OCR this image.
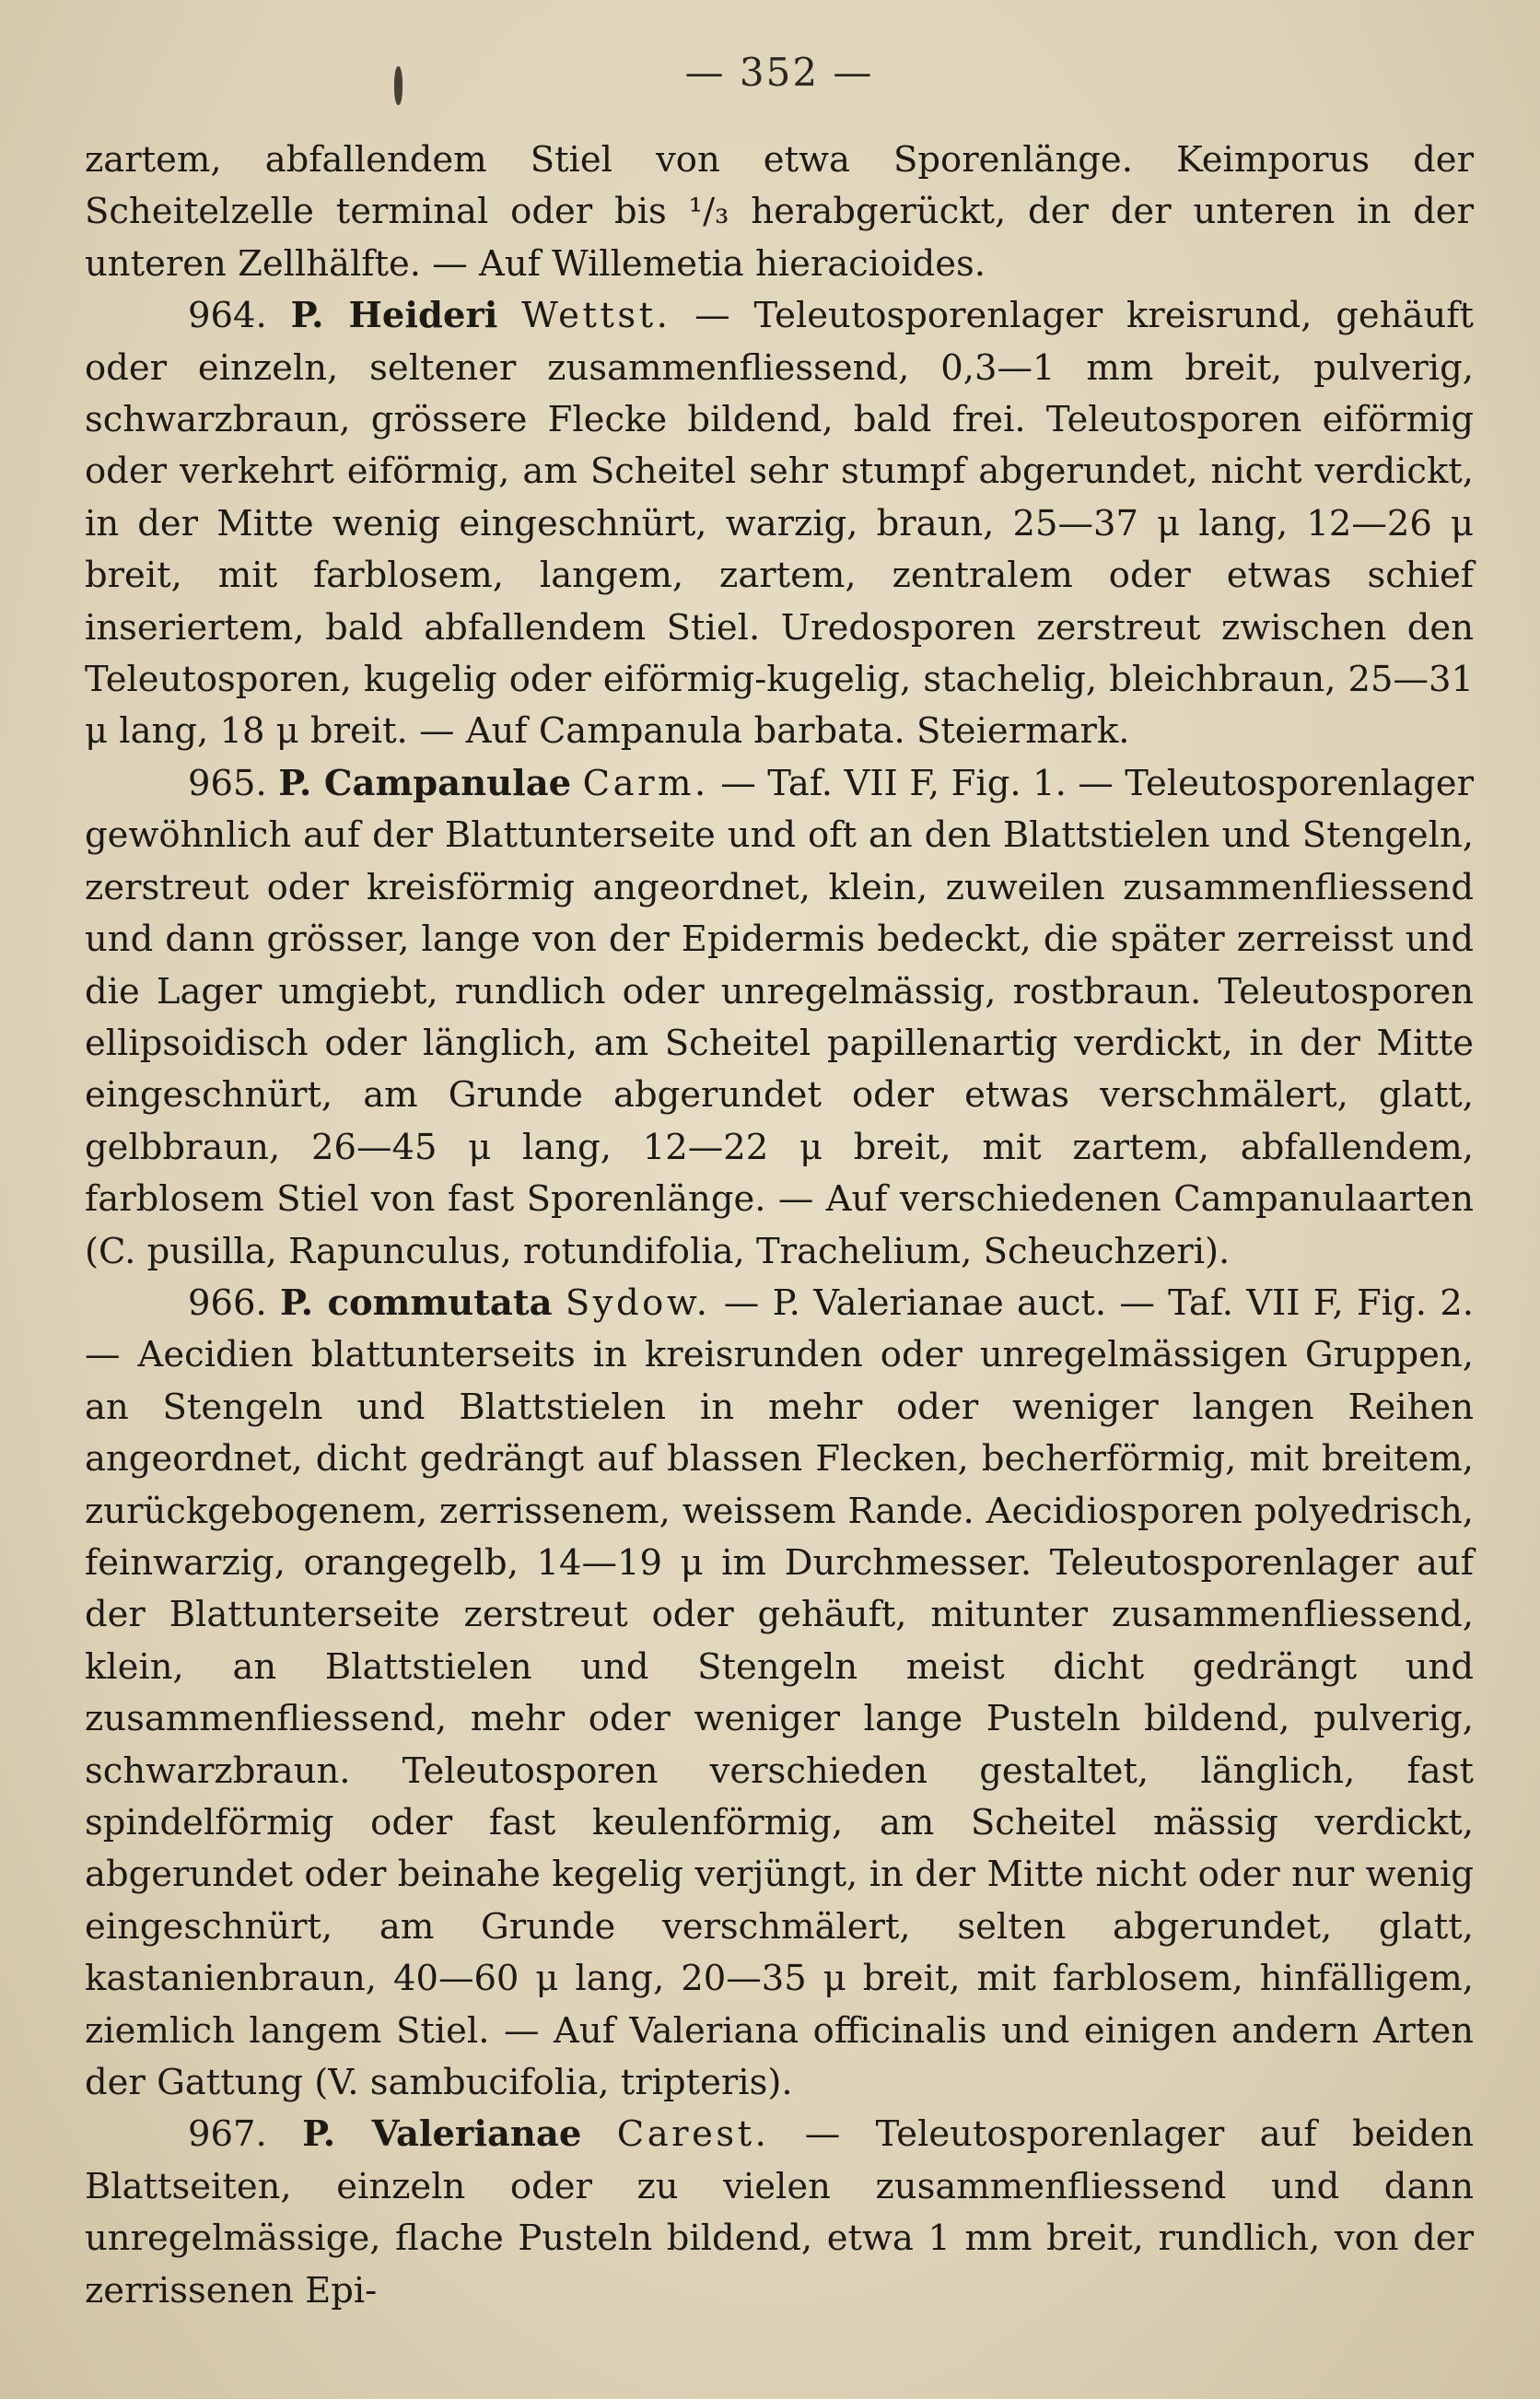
— 352 —

zartem, abfallendem Stiel von etwa Sporenlänge. Keimporus der Scheitelzelle terminal oder bis ¹/₃ herabgerückt, der der unteren in der unteren Zellhälfte. — Auf Willemetia hieracioides.

964. P. Heideri Wettst. — Teleutosporenlager kreisrund, gehäuft oder einzeln, seltener zusammenfliessend, 0,3—1 mm breit, pulverig, schwarzbraun, grössere Flecke bildend, bald frei. Teleutosporen eiförmig oder verkehrt eiförmig, am Scheitel sehr stumpf abgerundet, nicht verdickt, in der Mitte wenig eingeschnürt, warzig, braun, 25—37 μ lang, 12—26 μ breit, mit farblosem, langem, zartem, zentralem oder etwas schief inseriertem, bald abfallendem Stiel. Uredosporen zerstreut zwischen den Teleutosporen, kugelig oder eiförmig-kugelig, stachelig, bleichbraun, 25—31 μ lang, 18 μ breit. — Auf Campanula barbata. Steiermark.

965. P. Campanulae Carm. — Taf. VII F, Fig. 1. — Teleutosporenlager gewöhnlich auf der Blattunterseite und oft an den Blattstielen und Stengeln, zerstreut oder kreisförmig angeordnet, klein, zuweilen zusammenfliessend und dann grösser, lange von der Epidermis bedeckt, die später zerreisst und die Lager umgiebt, rundlich oder unregelmässig, rostbraun. Teleutosporen ellipsoidisch oder länglich, am Scheitel papillenartig verdickt, in der Mitte eingeschnürt, am Grunde abgerundet oder etwas verschmälert, glatt, gelbbraun, 26—45 μ lang, 12—22 μ breit, mit zartem, abfallendem, farblosem Stiel von fast Sporenlänge. — Auf verschiedenen Campanulaarten (C. pusilla, Rapunculus, rotundifolia, Trachelium, Scheuchzeri).

966. P. commutata Sydow. — P. Valerianae auct. — Taf. VII F, Fig. 2. — Aecidien blattunterseits in kreisrunden oder unregelmässigen Gruppen, an Stengeln und Blattstielen in mehr oder weniger langen Reihen angeordnet, dicht gedrängt auf blassen Flecken, becherförmig, mit breitem, zurückgebogenem, zerrissenem, weissem Rande. Aecidiosporen polyedrisch, feinwarzig, orangegelb, 14—19 μ im Durchmesser. Teleutosporenlager auf der Blattunterseite zerstreut oder gehäuft, mitunter zusammenfliessend, klein, an Blattstielen und Stengeln meist dicht gedrängt und zusammenfliessend, mehr oder weniger lange Pusteln bildend, pulverig, schwarzbraun. Teleutosporen verschieden gestaltet, länglich, fast spindelförmig oder fast keulenförmig, am Scheitel mässig verdickt, abgerundet oder beinahe kegelig verjüngt, in der Mitte nicht oder nur wenig eingeschnürt, am Grunde verschmälert, selten abgerundet, glatt, kastanienbraun, 40—60 μ lang, 20—35 μ breit, mit farblosem, hinfälligem, ziemlich langem Stiel. — Auf Valeriana officinalis und einigen andern Arten der Gattung (V. sambucifolia, tripteris).

967. P. Valerianae Carest. — Teleutosporenlager auf beiden Blattseiten, einzeln oder zu vielen zusammenfliessend und dann unregelmässige, flache Pusteln bildend, etwa 1 mm breit, rundlich, von der zerrissenen Epi-
